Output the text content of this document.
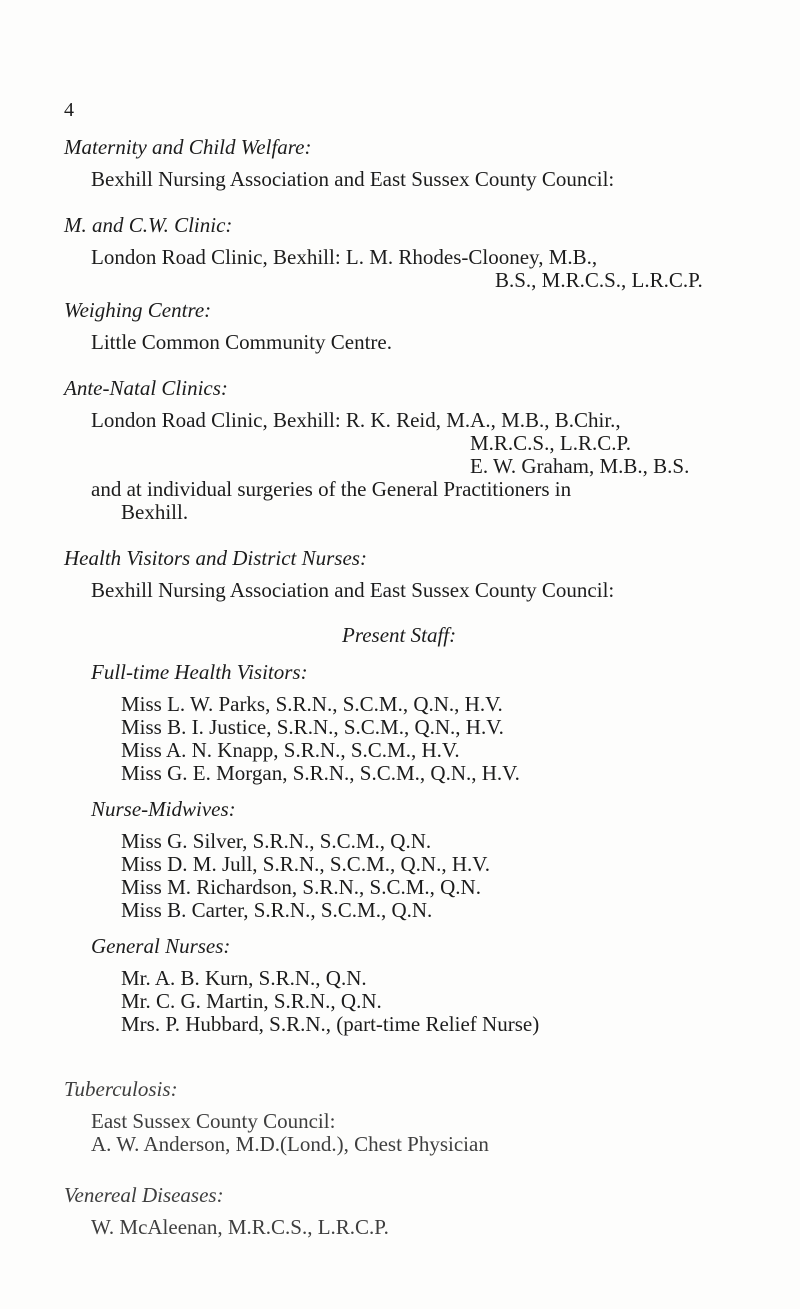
4
Maternity and Child Welfare:
Bexhill Nursing Association and East Sussex County Council:
M. and C.W. Clinic:
London Road Clinic, Bexhill: L. M. Rhodes-Clooney, M.B.,
B.S., M.R.C.S., L.R.C.P.
Weighing Centre:
Little Common Community Centre.
Ante-Natal Clinics:
London Road Clinic, Bexhill: R. K. Reid, M.A., M.B., B.Chir.,
M.R.C.S., L.R.C.P.
E. W. Graham, M.B., B.S.
and at individual surgeries of the General Practitioners in
Bexhill.
Health Visitors and District Nurses:
Bexhill Nursing Association and East Sussex County Council:
Present Staff:
Full-time Health Visitors:
Miss L. W. Parks, S.R.N., S.C.M., Q.N., H.V.
Miss B. I. Justice, S.R.N., S.C.M., Q.N., H.V.
Miss A. N. Knapp, S.R.N., S.C.M., H.V.
Miss G. E. Morgan, S.R.N., S.C.M., Q.N., H.V.
Nurse-Midwives:
Miss G. Silver, S.R.N., S.C.M., Q.N.
Miss D. M. Jull, S.R.N., S.C.M., Q.N., H.V.
Miss M. Richardson, S.R.N., S.C.M., Q.N.
Miss B. Carter, S.R.N., S.C.M., Q.N.
General Nurses:
Mr. A. B. Kurn, S.R.N., Q.N.
Mr. C. G. Martin, S.R.N., Q.N.
Mrs. P. Hubbard, S.R.N., (part-time Relief Nurse)
Tuberculosis:
East Sussex County Council:
A. W. Anderson, M.D.(Lond.), Chest Physician
Venereal Diseases:
W. McAleenan, M.R.C.S., L.R.C.P.
